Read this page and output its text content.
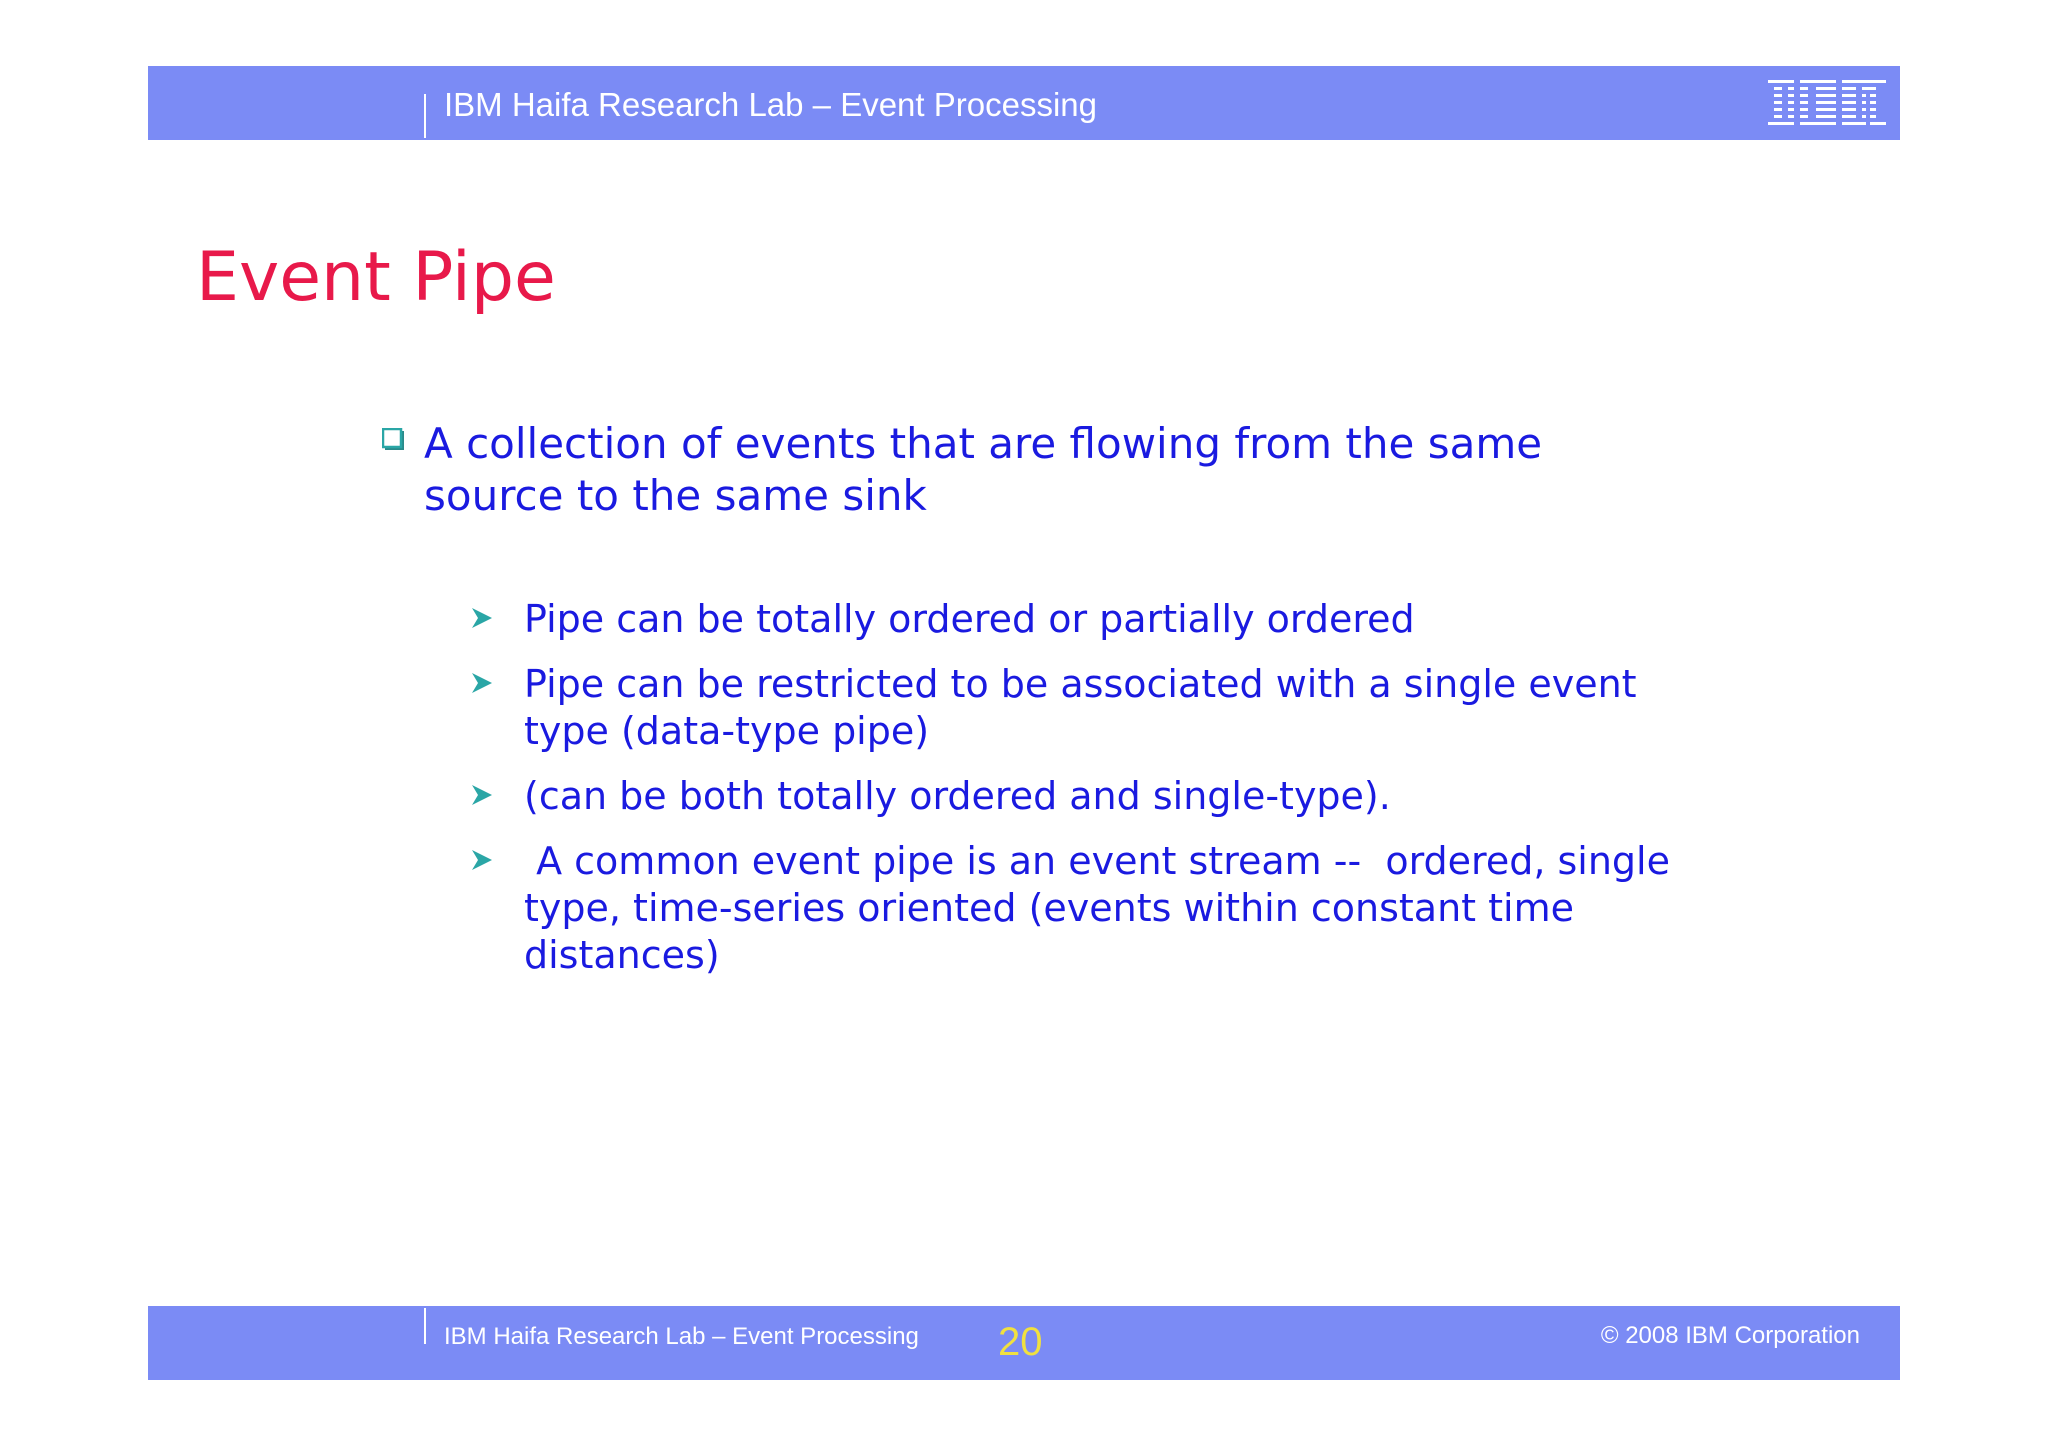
IBM Haifa Research Lab – Event Processing
Event Pipe
A collection of events that are flowing from the same source to the same sink
Pipe can be totally ordered or partially ordered
Pipe can be restricted to be associated with a single event type (data-type pipe)
(can be both totally ordered and single-type).
A common event pipe is an event stream --  ordered, single type, time-series oriented (events within constant time distances)
IBM Haifa Research Lab – Event Processing 20	© 2008 IBM Corporation
